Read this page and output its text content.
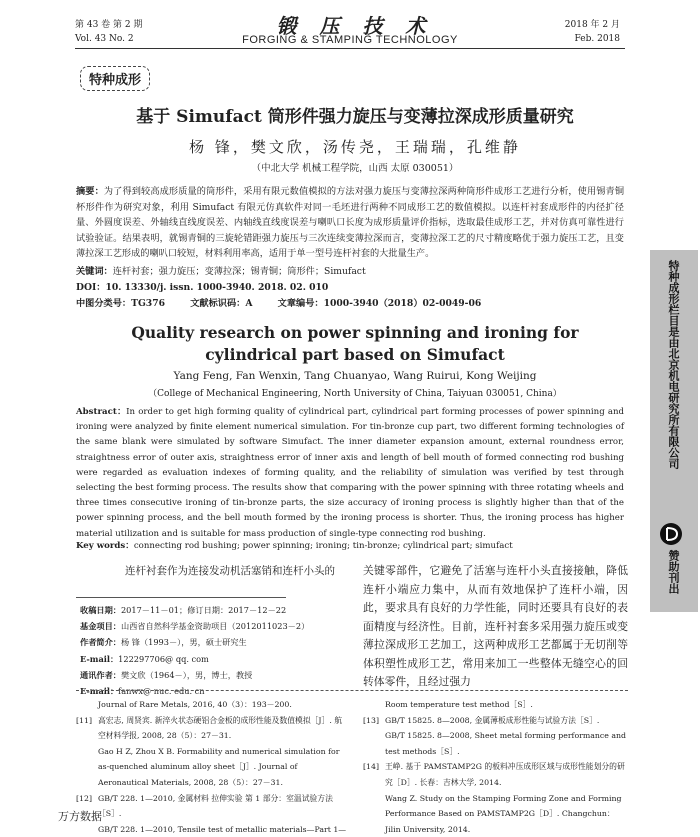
第 43 卷 第 2 期
Vol. 43 No. 2
锻 压 技 术
FORGING & STAMPING TECHNOLOGY
2018 年 2 月
Feb. 2018
特种成形
基于 Simufact 筒形件强力旋压与变薄拉深成形质量研究
杨 锋，樊文欣，汤传尧，王瑞瑞，孔维静
（中北大学 机械工程学院，山西 太原 030051）
摘要：为了得到较高成形质量的筒形件，采用有限元数值模拟的方法对强力旋压与变薄拉深两种筒形件成形工艺进行分析，使用锡青铜杯形件作为研究对象，利用 Simufact 有限元仿真软件对同一毛坯进行两种不同成形工艺的数值模拟。以连杆衬套成形件的内径扩径量、外圆度误差、外轴线直线度误差、内轴线直线度误差与喇叭口长度为成形质量评价指标，选取最佳成形工艺，并对仿真可靠性进行试验验证。结果表明，就锡青铜的三旋轮错距强力旋压与三次连续变薄拉深而言，变薄拉深工艺的尺寸精度略优于强力旋压工艺，且变薄拉深工艺形成的喇叭口较短，材料利用率高，适用于单一型号连杆衬套的大批量生产。
关键词：连杆衬套；强力旋压；变薄拉深；锡青铜；筒形件；Simufact
DOI：10. 13330/j. issn. 1000-3940. 2018. 02. 010
中图分类号：TG376	文献标识码：A	文章编号：1000-3940（2018）02-0049-06
Quality research on power spinning and ironing for cylindrical part based on Simufact
Yang Feng, Fan Wenxin, Tang Chuanyao, Wang Ruirui, Kong Weijing
（College of Mechanical Engineering, North University of China, Taiyuan 030051, China）
Abstract：In order to get high forming quality of cylindrical part, cylindrical part forming processes of power spinning and ironing were analyzed by finite element numerical simulation. For tin-bronze cup part, two different forming technologies of the same blank were simulated by software Simufact. The inner diameter expansion amount, external roundness error, straightness error of outer axis, straightness error of inner axis and length of bell mouth of formed connecting rod bushing were regarded as evaluation indexes of forming quality, and the reliability of simulation was verified by test through selecting the best forming process. The results show that comparing with the power spinning with three rotating wheels and three times consecutive ironing of tin-bronze parts, the size accuracy of ironing process is slightly higher than that of the power spinning process, and the bell mouth formed by the ironing process is shorter. Thus, the ironing process has higher material utilization and is suitable for mass production of single-type connecting rod bushing.
Key words：connecting rod bushing; power spinning; ironing; tin-bronze; cylindrical part; simufact
连杆衬套作为连接发动机活塞销和连杆小头的
收稿日期：2017－11－01；修订日期：2017－12－22
基金项目：山西省自然科学基金资助项目（2012011023－2）
作者简介：杨 锋（1993－），男，硕士研究生
E-mail：122297706@ qq. com
通讯作者：樊文欣（1964－），男，博士，教授
E-mail：fanwx@ nuc. edu. cn
关键零部件，它避免了活塞与连杆小头直接接触，降低连杆小端应力集中，从而有效地保护了连杆小端，因此，要求具有良好的力学性能，同时还要具有良好的表面精度与经济性。目前，连杆衬套多采用强力旋压或变薄拉深成形工艺加工，这两种成形工艺都属于无切削等体积塑性成形工艺，常用来加工一些整体无缝空心的回转体零件，且经过强力
Journal of Rare Metals, 2016, 40（3）：193－200.
[11] 高宏志, 周贤宾. 新淬火状态硬铝合金板的成形性能及数值模拟［J］. 航空材料学报, 2008, 28（5）：27－31.
Gao H Z, Zhou X B. Formability and numerical simulation for as-quenched aluminum alloy sheet［J］. Journal of Aeronautical Materials, 2008, 28（5）：27－31.
[12] GB/T 228. 1—2010, 金属材料 拉伸实验 第 1 部分：室温试验方法［S］.
GB/T 228. 1—2010, Tensile test of metallic materials—Part 1—
Room temperature test method［S］.
[13] GB/T 15825. 8—2008, 金属薄板成形性能与试验方法［S］.
GB/T 15825. 8—2008, Sheet metal forming performance and test methods［S］.
[14] 王峥. 基于 PAMSTAMP2G 的板料冲压成形区域与成形性能划分的研究［D］. 长春：吉林大学, 2014.
Wang Z. Study on the Stamping Forming Zone and Forming Performance Based on PAMSTAMP2G［D］. Changchun：Jilin University, 2014.
万方数据
特种成形栏目是由北京机电研究所有限公司
赞助刊出
